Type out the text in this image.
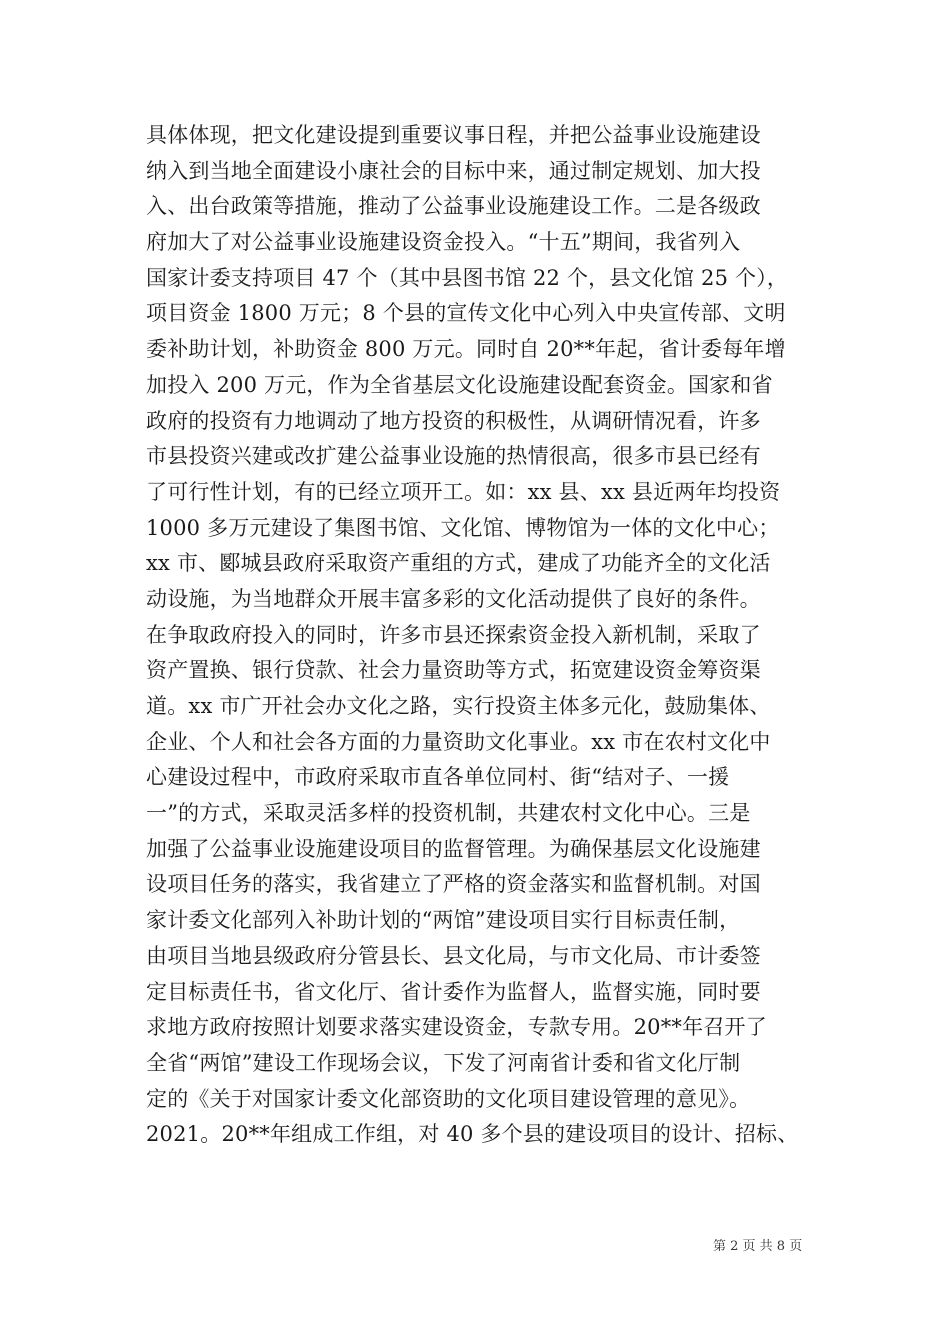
具体体现，把文化建设提到重要议事日程，并把公益事业设施建设
纳入到当地全面建设小康社会的目标中来，通过制定规划、加大投
入、出台政策等措施，推动了公益事业设施建设工作。二是各级政
府加大了对公益事业设施建设资金投入。“十五”期间，我省列入
国家计委支持项目 47 个（其中县图书馆 22 个，县文化馆 25 个），
项目资金 1800 万元；8 个县的宣传文化中心列入中央宣传部、文明
委补助计划，补助资金 800 万元。同时自 20**年起，省计委每年增
加投入 200 万元，作为全省基层文化设施建设配套资金。国家和省
政府的投资有力地调动了地方投资的积极性，从调研情况看，许多
市县投资兴建或改扩建公益事业设施的热情很高，很多市县已经有
了可行性计划，有的已经立项开工。如：xx 县、xx 县近两年均投资
1000 多万元建设了集图书馆、文化馆、博物馆为一体的文化中心；
xx 市、郾城县政府采取资产重组的方式，建成了功能齐全的文化活
动设施，为当地群众开展丰富多彩的文化活动提供了良好的条件。
在争取政府投入的同时，许多市县还探索资金投入新机制，采取了
资产置换、银行贷款、社会力量资助等方式，拓宽建设资金筹资渠
道。xx 市广开社会办文化之路，实行投资主体多元化，鼓励集体、
企业、个人和社会各方面的力量资助文化事业。xx 市在农村文化中
心建设过程中，市政府采取市直各单位同村、街“结对子、一援
一”的方式，采取灵活多样的投资机制，共建农村文化中心。三是
加强了公益事业设施建设项目的监督管理。为确保基层文化设施建
设项目任务的落实，我省建立了严格的资金落实和监督机制。对国
家计委文化部列入补助计划的“两馆”建设项目实行目标责任制，
由项目当地县级政府分管县长、县文化局，与市文化局、市计委签
定目标责任书，省文化厅、省计委作为监督人，监督实施，同时要
求地方政府按照计划要求落实建设资金，专款专用。20**年召开了
全省“两馆”建设工作现场会议，下发了河南省计委和省文化厅制
定的《关于对国家计委文化部资助的文化项目建设管理的意见》。
2021。20**年组成工作组，对 40 多个县的建设项目的设计、招标、
第 2 页 共 8 页
